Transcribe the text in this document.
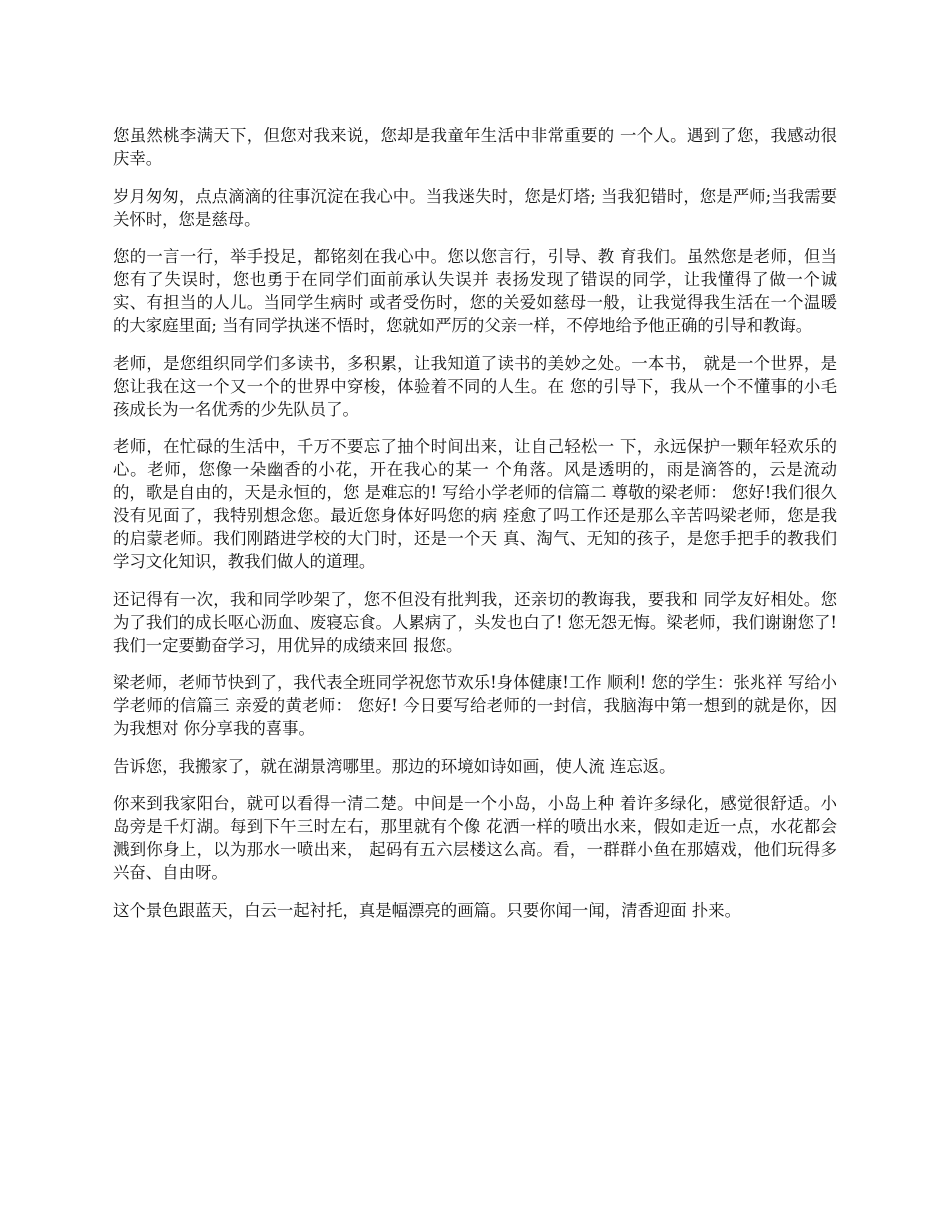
您虽然桃李满天下，但您对我来说，您却是我童年生活中非常重要的 一个人。遇到了您，我感动很庆幸。

岁月匆匆，点点滴滴的往事沉淀在我心中。当我迷失时，您是灯塔; 当我犯错时，您是严师;当我需要关怀时，您是慈母。

您的一言一行，举手投足，都铭刻在我心中。您以您言行，引导、教 育我们。虽然您是老师，但当您有了失误时，您也勇于在同学们面前承认失误并 表扬发现了错误的同学，让我懂得了做一个诚实、有担当的人儿。当同学生病时 或者受伤时，您的关爱如慈母一般，让我觉得我生活在一个温暖的大家庭里面; 当有同学执迷不悟时，您就如严厉的父亲一样，不停地给予他正确的引导和教诲。

老师，是您组织同学们多读书，多积累，让我知道了读书的美妙之处。一本书， 就是一个世界，是您让我在这一个又一个的世界中穿梭，体验着不同的人生。在 您的引导下，我从一个不懂事的小毛孩成长为一名优秀的少先队员了。

老师，在忙碌的生活中，千万不要忘了抽个时间出来，让自己轻松一 下，永远保护一颗年轻欢乐的心。老师，您像一朵幽香的小花，开在我心的某一 个角落。风是透明的，雨是滴答的，云是流动的，歌是自由的，天是永恒的，您 是难忘的! 写给小学老师的信篇二 尊敬的梁老师： 您好!我们很久没有见面了，我特别想念您。最近您身体好吗您的病 痊愈了吗工作还是那么辛苦吗梁老师，您是我的启蒙老师。我们刚踏进学校的大门时，还是一个天 真、淘气、无知的孩子，是您手把手的教我们学习文化知识，教我们做人的道理。

还记得有一次，我和同学吵架了，您不但没有批判我，还亲切的教诲我，要我和 同学友好相处。您为了我们的成长呕心沥血、废寝忘食。人累病了，头发也白了! 您无怨无悔。梁老师，我们谢谢您了!我们一定要勤奋学习，用优异的成绩来回 报您。

梁老师，老师节快到了，我代表全班同学祝您节欢乐!身体健康!工作 顺利! 您的学生：张兆祥 写给小学老师的信篇三 亲爱的黄老师： 您好! 今日要写给老师的一封信，我脑海中第一想到的就是你，因为我想对 你分享我的喜事。

告诉您，我搬家了，就在湖景湾哪里。那边的环境如诗如画，使人流 连忘返。

你来到我家阳台，就可以看得一清二楚。中间是一个小岛，小岛上种 着许多绿化，感觉很舒适。小岛旁是千灯湖。每到下午三时左右，那里就有个像 花洒一样的喷出水来，假如走近一点，水花都会溅到你身上，以为那水一喷出来， 起码有五六层楼这么高。看，一群群小鱼在那嬉戏，他们玩得多兴奋、自由呀。

这个景色跟蓝天，白云一起衬托，真是幅漂亮的画篇。只要你闻一闻，清香迎面 扑来。
